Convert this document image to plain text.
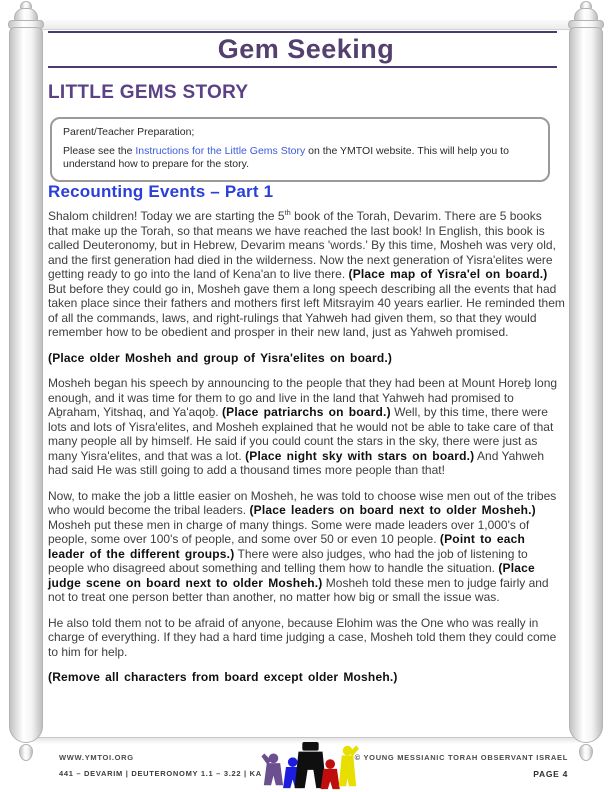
Gem Seeking
LITTLE GEMS STORY
Parent/Teacher Preparation;
Please see the Instructions for the Little Gems Story on the YMTOI website. This will help you to understand how to prepare for the story.
Recounting Events – Part 1

Shalom children! Today we are starting the 5th book of the Torah, Devarim. There are 5 books that make up the Torah, so that means we have reached the last book! In English, this book is called Deuteronomy, but in Hebrew, Devarim means 'words.' By this time, Mosheh was very old, and the first generation had died in the wilderness. Now the next generation of Yisra'elites were getting ready to go into the land of Kena'an to live there. (Place map of Yisra'el on board.) But before they could go in, Mosheh gave them a long speech describing all the events that had taken place since their fathers and mothers first left Mitsrayim 40 years earlier. He reminded them of all the commands, laws, and right-rulings that Yahweh had given them, so that they would remember how to be obedient and prosper in their new land, just as Yahweh promised.

(Place older Mosheh and group of Yisra'elites on board.)

Mosheh began his speech by announcing to the people that they had been at Mount Horeḇ long enough, and it was time for them to go and live in the land that Yahweh had promised to Aḇraham, Yitshaq, and Ya'aqoḇ. (Place patriarchs on board.) Well, by this time, there were lots and lots of Yisra'elites, and Mosheh explained that he would not be able to take care of that many people all by himself. He said if you could count the stars in the sky, there were just as many Yisra'elites, and that was a lot. (Place night sky with stars on board.) And Yahweh had said He was still going to add a thousand times more people than that!

Now, to make the job a little easier on Mosheh, he was told to choose wise men out of the tribes who would become the tribal leaders. (Place leaders on board next to older Mosheh.) Mosheh put these men in charge of many things. Some were made leaders over 1,000's of people, some over 100's of people, and some over 50 or even 10 people. (Point to each leader of the different groups.) There were also judges, who had the job of listening to people who disagreed about something and telling them how to handle the situation. (Place judge scene on board next to older Mosheh.) Mosheh told these men to judge fairly and not to treat one person better than another, no matter how big or small the issue was.

He also told them not to be afraid of anyone, because Elohim was the One who was really in charge of everything. If they had a hard time judging a case, Mosheh told them they could come to him for help.

(Remove all characters from board except older Mosheh.)

WWW.YMTOI.ORG
441 – DEVARIM | DEUTERONOMY 1.1 – 3.22 | KA
© YOUNG MESSIANIC TORAH OBSERVANT ISRAEL
PAGE 4
